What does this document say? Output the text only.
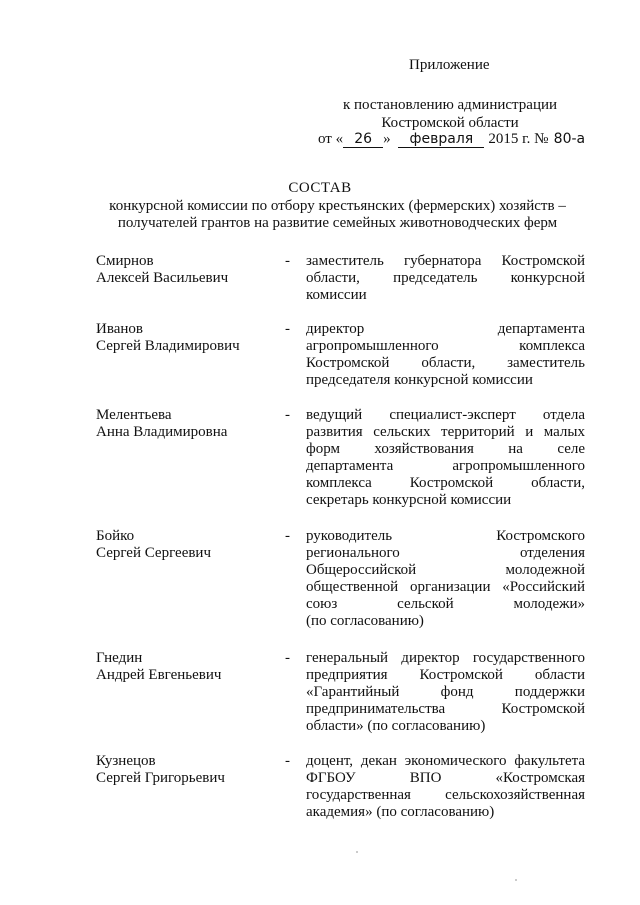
Приложение
к постановлению администрации
Костромской области
от « 26 » февраля 2015 г. № 80-а
СОСТАВ
конкурсной комиссии по отбору крестьянских (фермерских) хозяйств –
получателей грантов на развитие семейных животноводческих ферм
Смирнов
Алексей Васильевич
- заместитель губернатора Костромской
области, председатель конкурсной
комиссии
Иванов
Сергей Владимирович
- директор департамента
агропромышленного комплекса
Костромской области, заместитель
председателя конкурсной комиссии
Мелентьева
Анна Владимировна
- ведущий специалист-эксперт отдела
развития сельских территорий и малых
форм хозяйствования на селе
департамента агропромышленного
комплекса Костромской области,
секретарь конкурсной комиссии
Бойко
Сергей Сергеевич
- руководитель Костромского
регионального отделения
Общероссийской молодежной
общественной организации «Российский
союз сельской молодежи»
(по согласованию)
Гнедин
Андрей Евгеньевич
- генеральный директор государственного
предприятия Костромской области
«Гарантийный фонд поддержки
предпринимательства Костромской
области» (по согласованию)
Кузнецов
Сергей Григорьевич
- доцент, декан экономического факультета
ФГБОУ ВПО «Костромская
государственная сельскохозяйственная
академия» (по согласованию)
